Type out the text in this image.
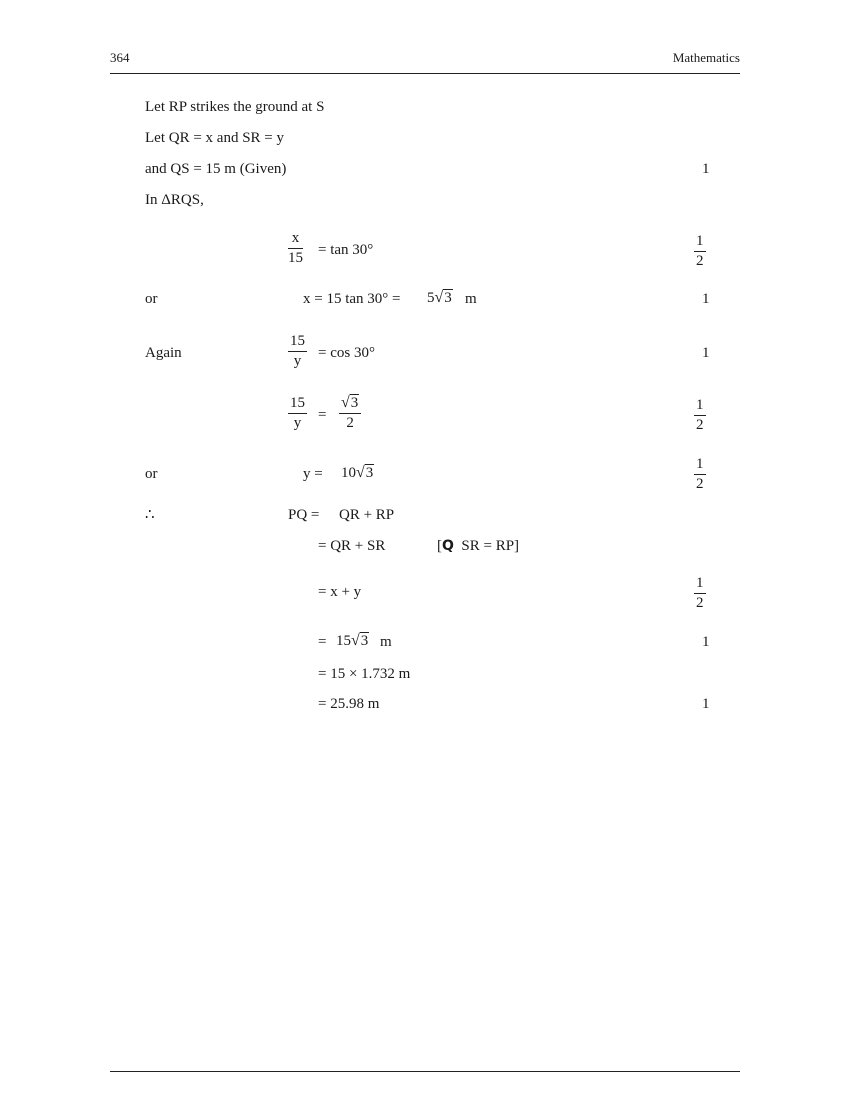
364	Mathematics
Let RP strikes the ground at S
Let QR = x and SR = y
and QS = 15 m (Given)	1
In ΔRQS,
$\frac{x}{15} = \tan 30^\circ$	$\frac{1}{2}$
or	x = 15 tan 30° = 5√3 m	1
Again	$\frac{15}{y} = \cos 30^\circ$	1
$\frac{15}{y} = \frac{√3}{2}$	$\frac{1}{2}$
or	y = 10√3	$\frac{1}{2}$
∴	PQ = QR + RP
= QR + SR	[Q SR = RP]
= x + y	$\frac{1}{2}$
= 15√3 m	1
= 15 × 1.732 m
= 25.98 m	1
